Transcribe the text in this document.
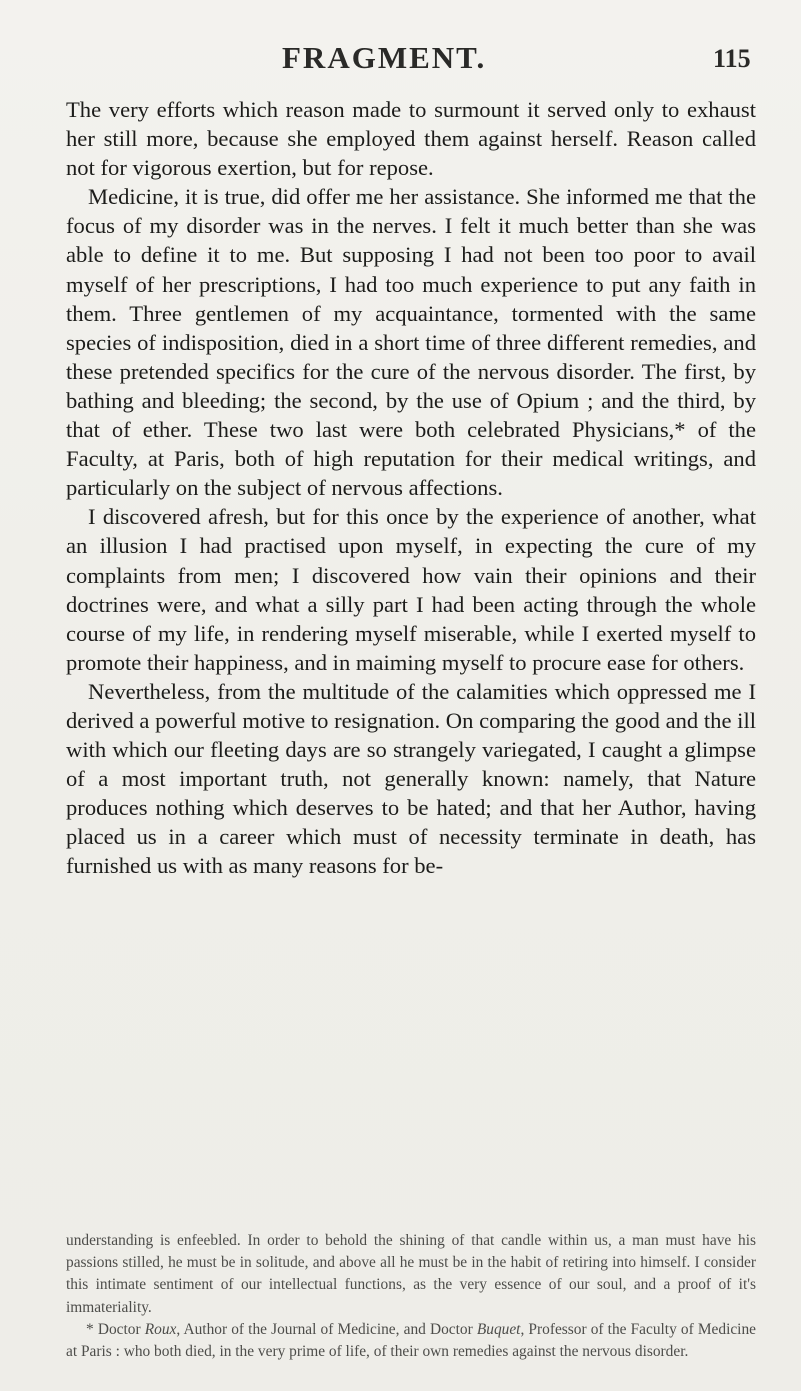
FRAGMENT.	115

The very efforts which reason made to surmount it served only to exhaust her still more, because she employed them against herself. Reason called not for vigorous exertion, but for repose.

Medicine, it is true, did offer me her assistance. She informed me that the focus of my disorder was in the nerves. I felt it much better than she was able to define it to me. But supposing I had not been too poor to avail myself of her prescriptions, I had too much experience to put any faith in them. Three gentlemen of my acquaintance, tormented with the same species of indisposition, died in a short time of three different remedies, and these pretended specifics for the cure of the nervous disorder. The first, by bathing and bleeding; the second, by the use of Opium ; and the third, by that of ether. These two last were both celebrated Physicians,* of the Faculty, at Paris, both of high reputation for their medical writings, and particularly on the subject of nervous affections.

I discovered afresh, but for this once by the experience of another, what an illusion I had practised upon myself, in expecting the cure of my complaints from men; I discovered how vain their opinions and their doctrines were, and what a silly part I had been acting through the whole course of my life, in rendering myself miserable, while I exerted myself to promote their happiness, and in maiming myself to procure ease for others.

Nevertheless, from the multitude of the calamities which oppressed me I derived a powerful motive to resignation. On comparing the good and the ill with which our fleeting days are so strangely variegated, I caught a glimpse of a most important truth, not generally known: namely, that Nature produces nothing which deserves to be hated; and that her Author, having placed us in a career which must of necessity terminate in death, has furnished us with as many reasons for be-

understanding is enfeebled. In order to behold the shining of that candle within us, a man must have his passions stilled, he must be in solitude, and above all he must be in the habit of retiring into himself. I consider this intimate sentiment of our intellectual functions, as the very essence of our soul, and a proof of it's immateriality.

* Doctor Roux, Author of the Journal of Medicine, and Doctor Buquet, Professor of the Faculty of Medicine at Paris : who both died, in the very prime of life, of their own remedies against the nervous disorder.
